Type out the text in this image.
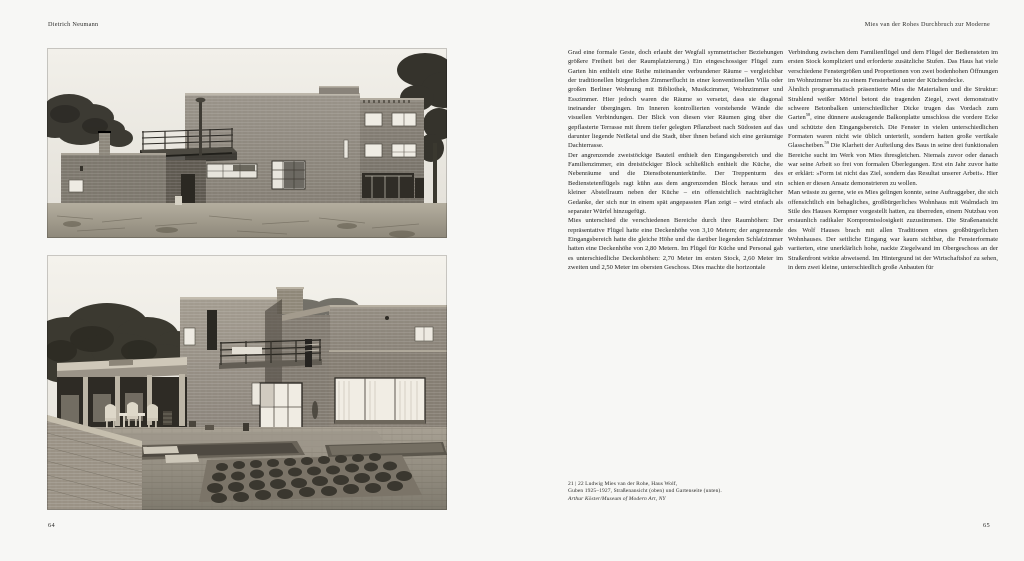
Dietrich Neumann	Mies van der Rohes Durchbruch zur Moderne
21 | 22 Ludwig Mies van der Rohe, Haus Wolf,
Guben 1925–1927, Straßenansicht (oben) und Gartenseite (unten).
Arthur Köster/Museum of Modern Art, NY

Grad eine formale Geste, doch erlaubt der Wegfall symmetrischer Beziehungen größere Freiheit bei der Raumplatzierung.) Ein eingeschossiger Flügel zum Garten hin enthielt eine Reihe miteinander verbundener Räume – vergleichbar der traditionellen bürgerlichen Zimmerflucht in einer konventionellen Villa oder großen Berliner Wohnung mit Bibliothek, Musikzimmer, Wohnzimmer und Esszimmer. Hier jedoch waren die Räume so versetzt, dass sie diagonal ineinander übergingen. Im Inneren kontrollierten vorstehende Wände die visuellen Verbindungen. Der Blick von diesen vier Räumen ging über die gepflasterte Terrasse mit ihrem tiefer gelegten Pflanzbeet nach Südosten auf das darunter liegende Neißetal und die Stadt, über ihnen befand sich eine geräumige Dachterrasse.

Der angrenzende zweistöckige Bauteil enthielt den Eingangsbereich und die Familienzimmer, ein dreistöckiger Block schließlich enthielt die Küche, die Nebenräume und die Dienstbotenunterkünfte. Der Treppenturm des Bedienstetenflügels ragt kühn aus dem angrenzenden Block heraus und ein kleiner Abstellraum neben der Küche – ein offensichtlich nachträglicher Gedanke, der sich nur in einem spät angepassten Plan zeigt – wird einfach als separater Würfel hinzugefügt.

Mies unterschied die verschiedenen Bereiche durch ihre Raumhöhen: Der repräsentative Flügel hatte eine Deckenhöhe von 3,10 Metern; der angrenzende Eingangsbereich hatte die gleiche Höhe und die darüber liegenden Schlafzimmer hatten eine Deckenhöhe von 2,80 Metern. Im Flügel für Küche und Personal gab es unterschiedliche Deckenhöhen: 2,70 Meter im ersten Stock, 2,60 Meter im zweiten und 2,50 Meter im obersten Geschoss. Dies machte die horizontale

Verbindung zwischen dem Familienflügel und dem Flügel der Bediensteten im ersten Stock kompliziert und erforderte zusätzliche Stufen. Das Haus hat viele verschiedene Fenstergrößen und Proportionen von zwei bodenhohen Öffnungen im Wohnzimmer bis zu einem Fensterband unter der Küchendecke.

Ähnlich programmatisch präsentierte Mies die Materialien und die Struktur: Strahlend weißer Mörtel betont die tragenden Ziegel, zwei demonstrativ schwere Betonbalken unterschiedlicher Dicke trugen das Vordach zum Garten$^{58}$, eine dünnere auskragende Balkonplatte umschloss die vordere Ecke und schützte den Eingangsbereich. Die Fenster in vielen unterschiedlichen Formaten waren nicht wie üblich unterteilt, sondern hatten große vertikale Glasscheiben.$^{59}$ Die Klarheit der Aufteilung des Baus in seine drei funktionalen Bereiche sucht im Werk von Mies ihresgleichen. Niemals zuvor oder danach war seine Arbeit so frei von formalen Überlegungen. Erst ein Jahr zuvor hatte er erklärt: »Form ist nicht das Ziel, sondern das Resultat unserer Arbeit«. Hier schien er diesen Ansatz demonstrieren zu wollen.

Man wüsste zu gerne, wie es Mies gelingen konnte, seine Auftraggeber, die sich offensichtlich ein behagliches, großbürgerliches Wohnhaus mit Walmdach im Stile des Hauses Kempner vorgestellt hatten, zu überreden, einem Nutzbau von erstaunlich radikaler Kompromisslosigkeit zuzustimmen. Die Straßenansicht des Wolf Hauses brach mit allen Traditionen eines großbürgerlichen Wohnhauses. Der seitliche Eingang war kaum sichtbar, die Fensterformate variierten, eine unerklärlich hohe, nackte Ziegelwand im Obergeschoss an der Straßenfront wirkte abweisend. Im Hintergrund ist der Wirtschaftshof zu sehen, in dem zwei kleine, unterschiedlich große Anbauten für

64	65
